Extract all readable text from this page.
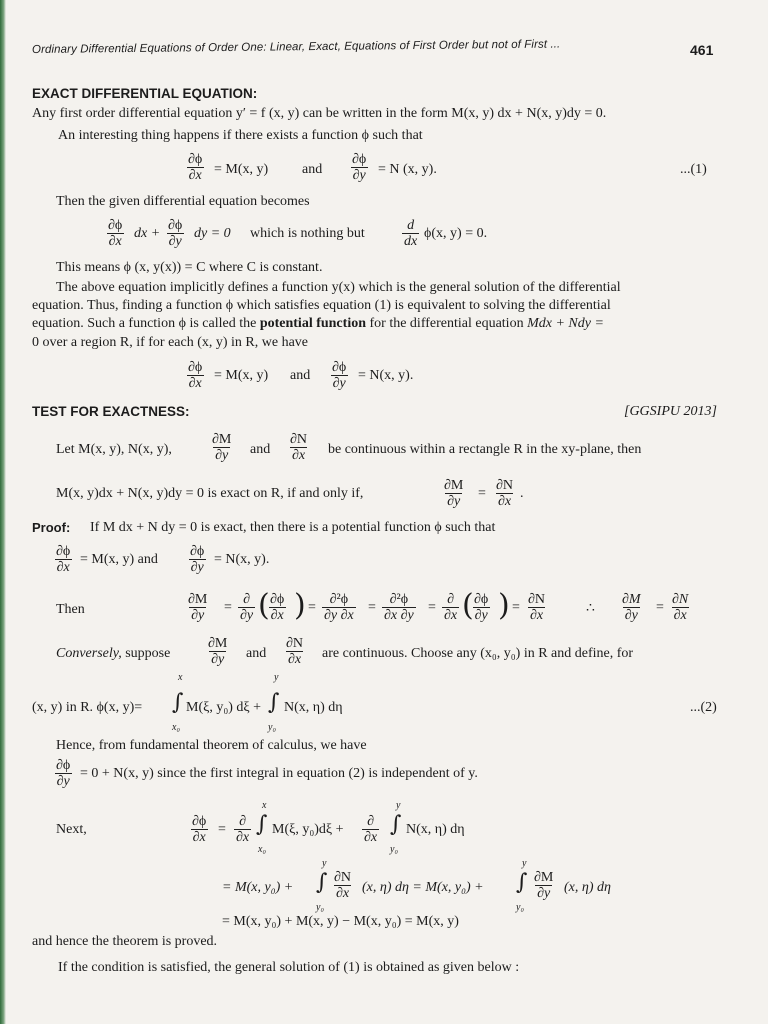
Ordinary Differential Equations of Order One: Linear, Exact, Equations of First Order but not of First ...	461
EXACT DIFFERENTIAL EQUATION:
Any first order differential equation y′ = f (x, y) can be written in the form M(x, y) dx + N(x, y)dy = 0.
An interesting thing happens if there exists a function ϕ such that
$\frac{\partial\phi}{\partial x} = M(x$, y) and $\frac{\partial\phi}{\partial y} = N$ (x, y).	...(1)
Then the given differential equation becomes
$\frac{\partial\phi}{\partial x}$ dx + $\frac{\partial\phi}{\partial y}$ dy = 0 which is nothing but	$\frac{d}{dx} \phi(x$, y) = 0.
This means ϕ (x, y(x)) = C where C is constant.
The above equation implicitly defines a function y(x) which is the general solution of the differential
equation. Thus, finding a function ϕ which satisfies equation (1) is equivalent to solving the differential
equation. Such a function ϕ is called the potential function for the differential equation Mdx + Ndy =
0 over a region R, if for each (x, y) in R, we have
$\frac{\partial\phi}{\partial x} = M(x$, y) and $\frac{\partial\phi}{\partial y} = N(x$, y).
TEST FOR EXACTNESS:	[GGSIPU 2013]
Let M(x, y), N(x, y),	$\frac{\partial M}{\partial y}$ and $\frac{\partial N}{\partial x}$ be continuous within a rectangle R in the xy-plane, then
M(x, y)dx + N(x, y)dy = 0 is exact on R, if and only if,	$\frac{\partial M}{\partial y} = \frac{\partial N}{\partial x}$ .
Proof: If M dx + N dy = 0 is exact, then there is a potential function ϕ such that
$\frac{\partial\phi}{\partial x} = M(x$, y) and $\frac{\partial\phi}{\partial y} = N(x$, y).
Then	$\frac{\partial M}{\partial y}$ =
∂
∂y (
$\frac{\partial\phi}{\partial x}$ ) = $\frac{\text{∂²ϕ}}{\partial y \partial x} = \frac{\text{∂²ϕ}}{\partial x \partial y}$ =
∂
∂x (
$\frac{\partial\phi}{\partial y}$ ) = $\frac{\partial N}{\partial x}$	∴ $\frac{\partial M}{\partial y} = \frac{\partial N}{\partial x}$
Conversely, suppose	$\frac{\partial M}{\partial y}$ and $\frac{\partial N}{\partial x}$ are continuous. Choose any (x₀, y₀) in R and define, for
(x, y) in R. ϕ(x, y)=
x
∫
x₀
M(ξ, y₀) dξ +
y
∫
y₀
N(x, η) dη	...(2)
Hence, from fundamental theorem of calculus, we have
$\frac{\partial\phi}{\partial y} = 0 + N(x$, y) since the first integral in equation (2) is independent of y.
Next,	$\frac{\partial\phi}{\partial x}$ =
∂
∂x
x
∫
x₀
M(ξ, y₀)dξ +
∂
∂x
y
∫
y₀
N(x, η) dη
= M(x, y₀) +
y
∫
y₀
$\frac{\partial N}{\partial x} (x$, η) dη = M(x, y₀) +
y
∫
y₀
$\frac{\partial M}{\partial y} (x$, η) dη
= M(x, y₀) + M(x, y) − M(x, y₀) = M(x, y)
and hence the theorem is proved.
If the condition is satisfied, the general solution of (1) is obtained as given below :
